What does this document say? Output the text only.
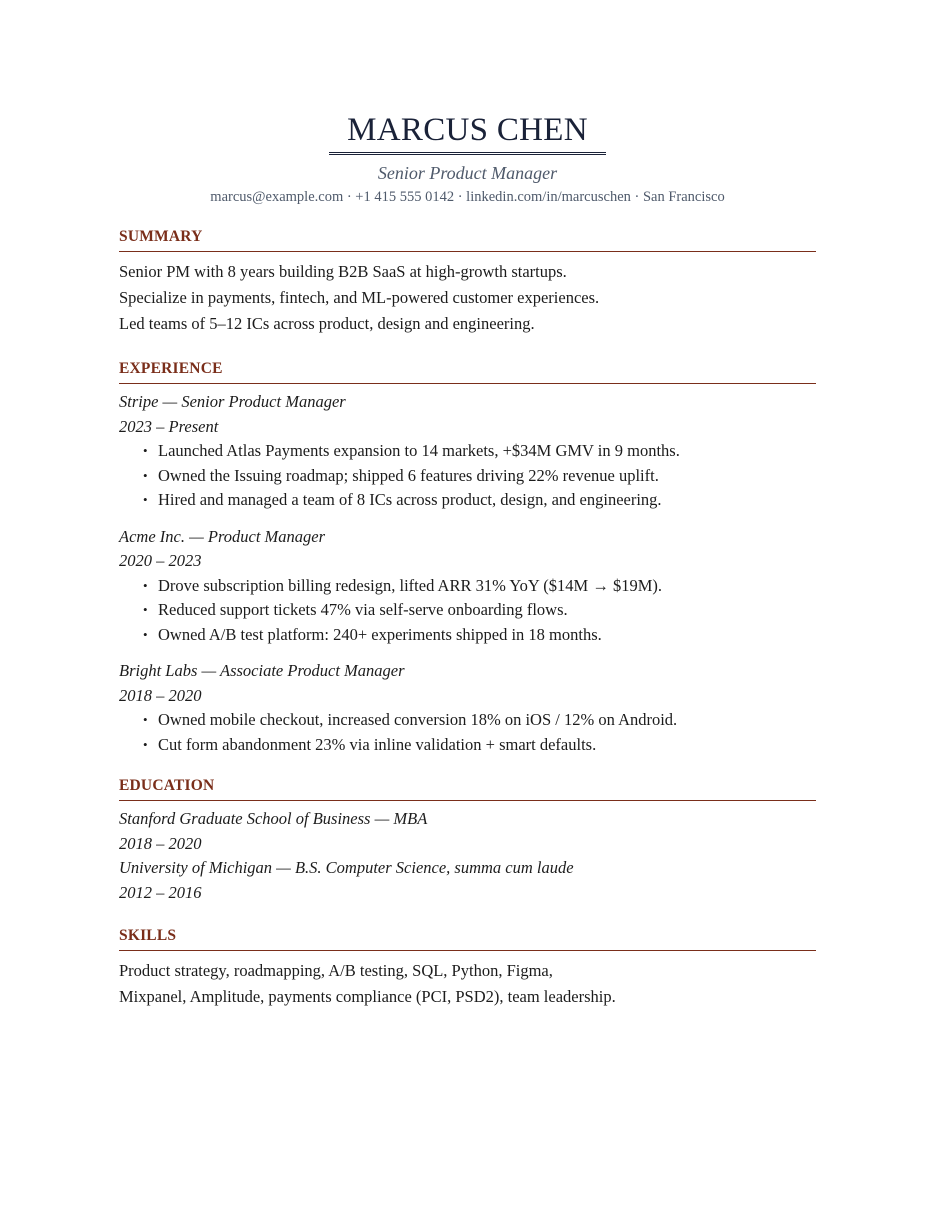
MARCUS CHEN
Senior Product Manager
marcus@example.com · +1 415 555 0142 · linkedin.com/in/marcuschen · San Francisco
SUMMARY

Senior PM with 8 years building B2B SaaS at high-growth startups.

Specialize in payments, fintech, and ML-powered customer experiences.

Led teams of 5–12 ICs across product, design and engineering.

EXPERIENCE
Stripe — Senior Product Manager
2023 – Present
• Launched Atlas Payments expansion to 14 markets, +$34M GMV in 9 months.
• Owned the Issuing roadmap; shipped 6 features driving 22% revenue uplift.
• Hired and managed a team of 8 ICs across product, design, and engineering.
Acme Inc. — Product Manager
2020 – 2023
• Drove subscription billing redesign, lifted ARR 31% YoY ($14M → $19M).
• Reduced support tickets 47% via self-serve onboarding flows.
• Owned A/B test platform: 240+ experiments shipped in 18 months.
Bright Labs — Associate Product Manager
2018 – 2020
• Owned mobile checkout, increased conversion 18% on iOS / 12% on Android.
• Cut form abandonment 23% via inline validation + smart defaults.
EDUCATION
Stanford Graduate School of Business — MBA
2018 – 2020
University of Michigan — B.S. Computer Science, summa cum laude
2012 – 2016
SKILLS

Product strategy, roadmapping, A/B testing, SQL, Python, Figma,

Mixpanel, Amplitude, payments compliance (PCI, PSD2), team leadership.
